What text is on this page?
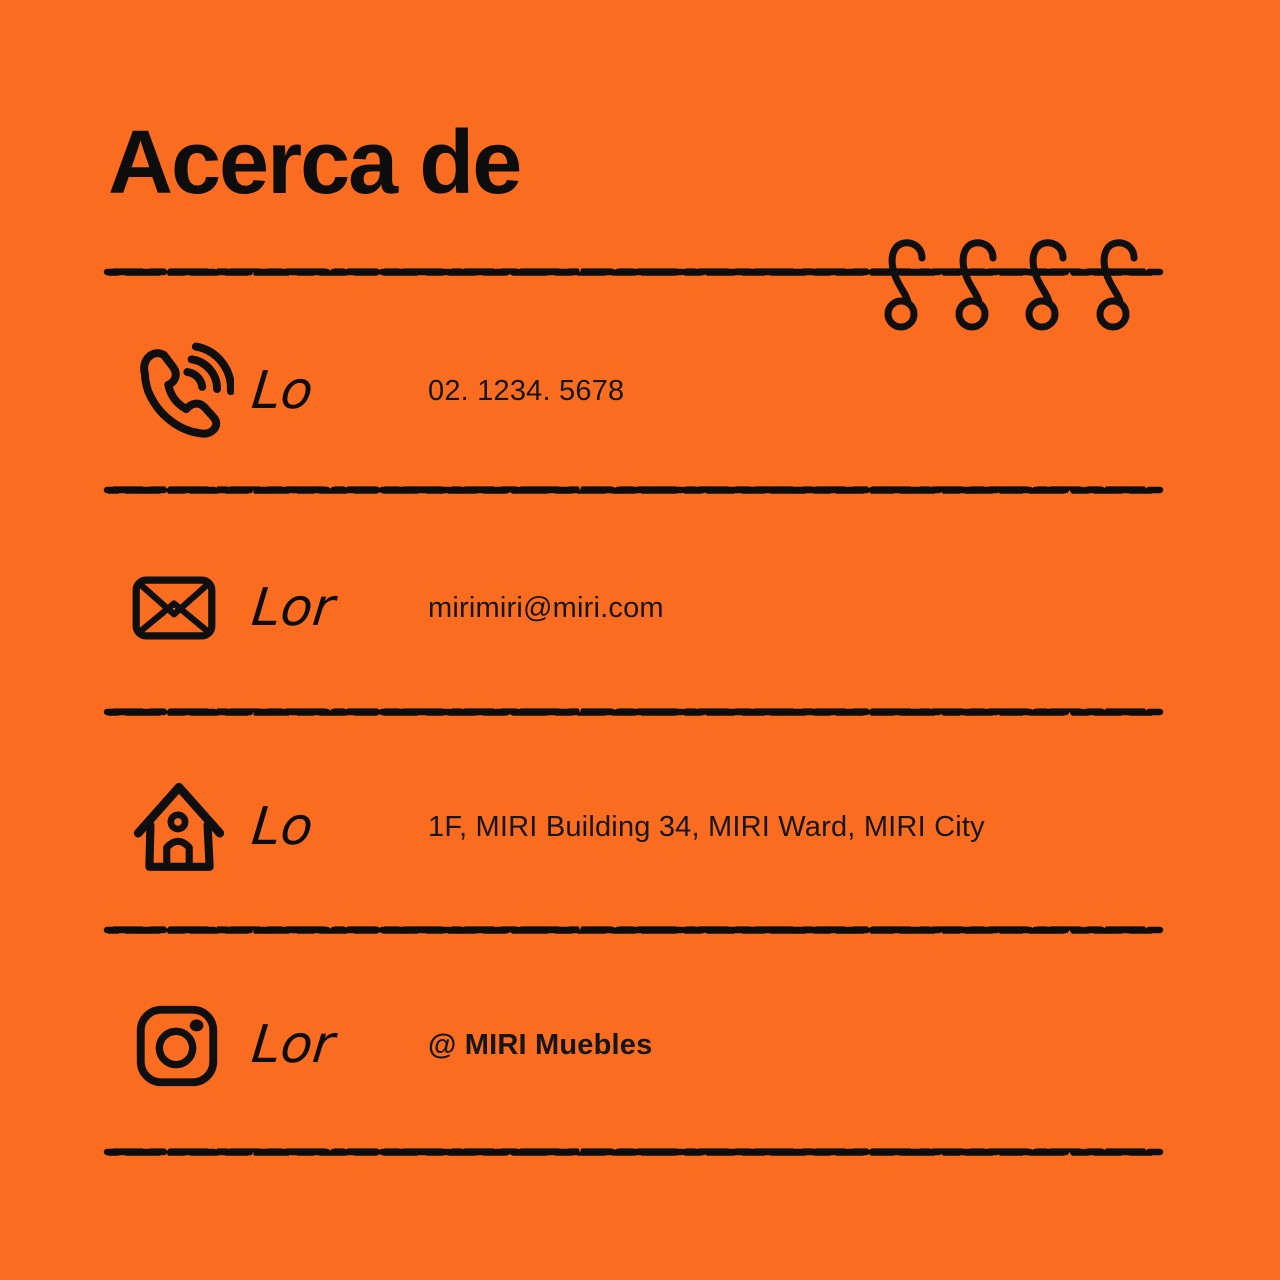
Acerca de
Lo	02. 1234. 5678
Lor	mirimiri@miri.com
Lo	1F, MIRI Building 34, MIRI Ward, MIRI City
Lor	@ MIRI Muebles
